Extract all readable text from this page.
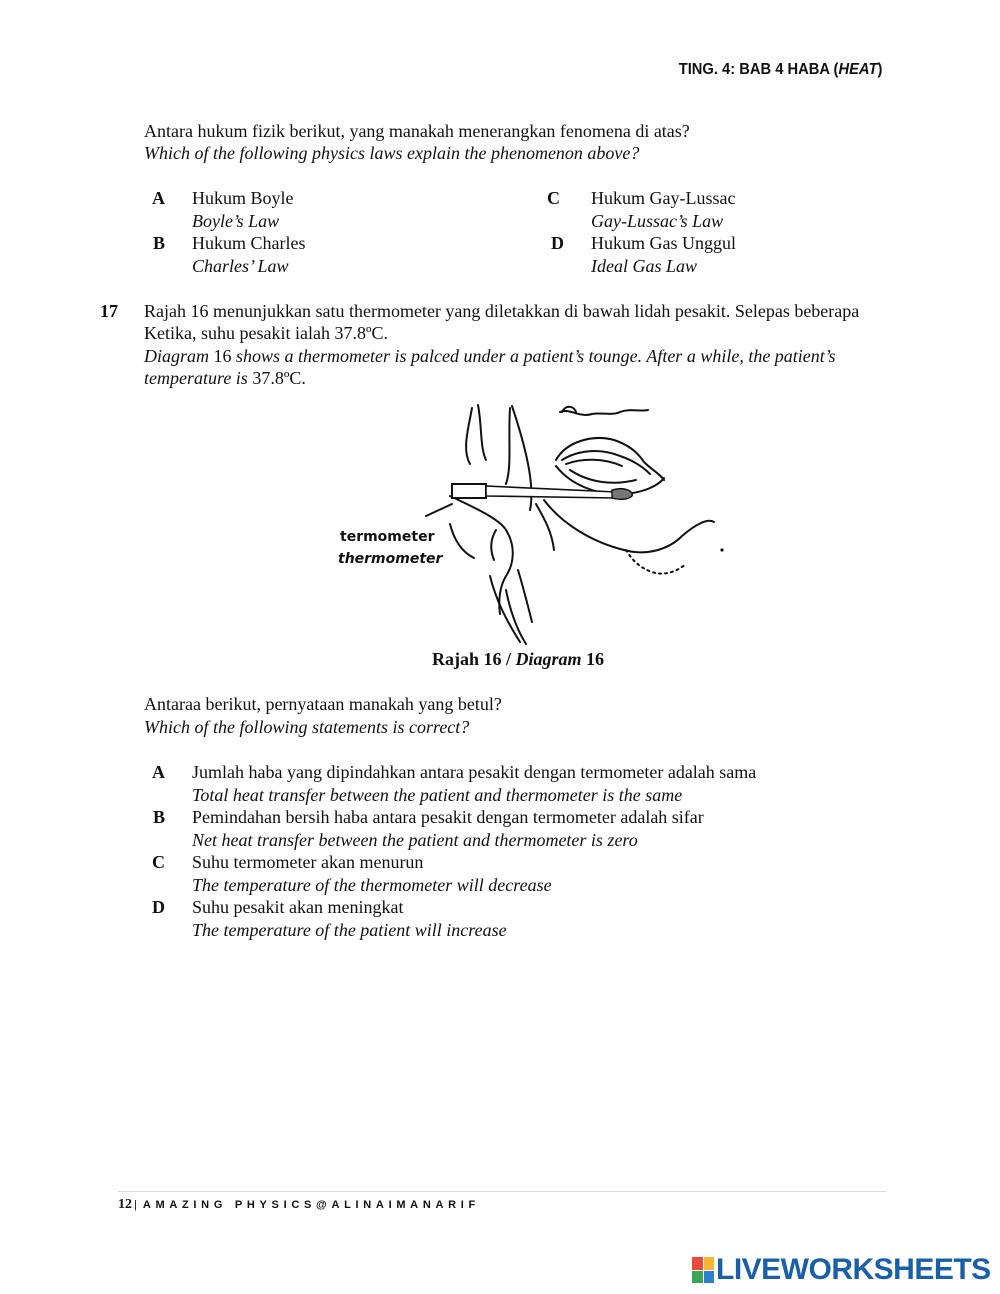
TING. 4: BAB 4 HABA (HEAT)
Antara hukum fizik berikut, yang manakah menerangkan fenomena di atas?
Which of the following physics laws explain the phenomenon above?
A Hukum Boyle
Boyle’s Law
B Hukum Charles
Charles’ Law
C Hukum Gay-Lussac
Gay-Lussac’s Law
D Hukum Gas Unggul
Ideal Gas Law
17 Rajah 16 menunjukkan satu thermometer yang diletakkan di bawah lidah pesakit. Selepas beberapa
Ketika, suhu pesakit ialah 37.8ºC.
Diagram 16 shows a thermometer is palced under a patient’s tounge. After a while, the patient’s
temperature is 37.8ºC.
termometer
thermometer
Rajah 16 / Diagram 16
Antaraa berikut, pernyataan manakah yang betul?
Which of the following statements is correct?
A Jumlah haba yang dipindahkan antara pesakit dengan termometer adalah sama
Total heat transfer between the patient and thermometer is the same
B Pemindahan bersih haba antara pesakit dengan termometer adalah sifar
Net heat transfer between the patient and thermometer is zero
C Suhu termometer akan menurun
The temperature of the thermometer will decrease
D Suhu pesakit akan meningkat
The temperature of the patient will increase
12 | AMAZING PHYSICS@ALINAIMANARIF
LIVEWORKSHEETS
